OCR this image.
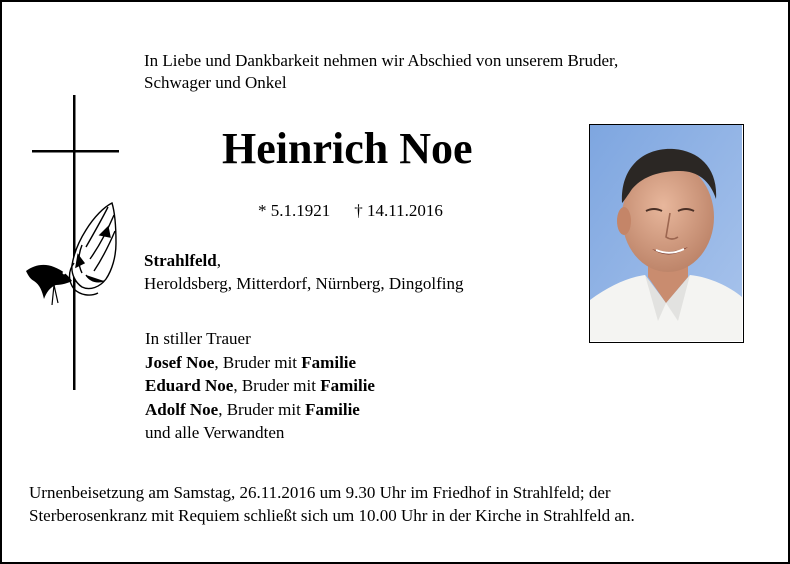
In Liebe und Dankbarkeit nehmen wir Abschied von unserem Bruder,
Schwager und Onkel
Heinrich Noe
* 5.1.1921 † 14.11.2016
Strahlfeld,
Heroldsberg, Mitterdorf, Nürnberg, Dingolfing
In stiller Trauer
Josef Noe, Bruder mit Familie
Eduard Noe, Bruder mit Familie
Adolf Noe, Bruder mit Familie
und alle Verwandten
Urnenbeisetzung am Samstag, 26.11.2016 um 9.30 Uhr im Friedhof in Strahlfeld; der
Sterberosenkranz mit Requiem schließt sich um 10.00 Uhr in der Kirche in Strahlfeld an.
